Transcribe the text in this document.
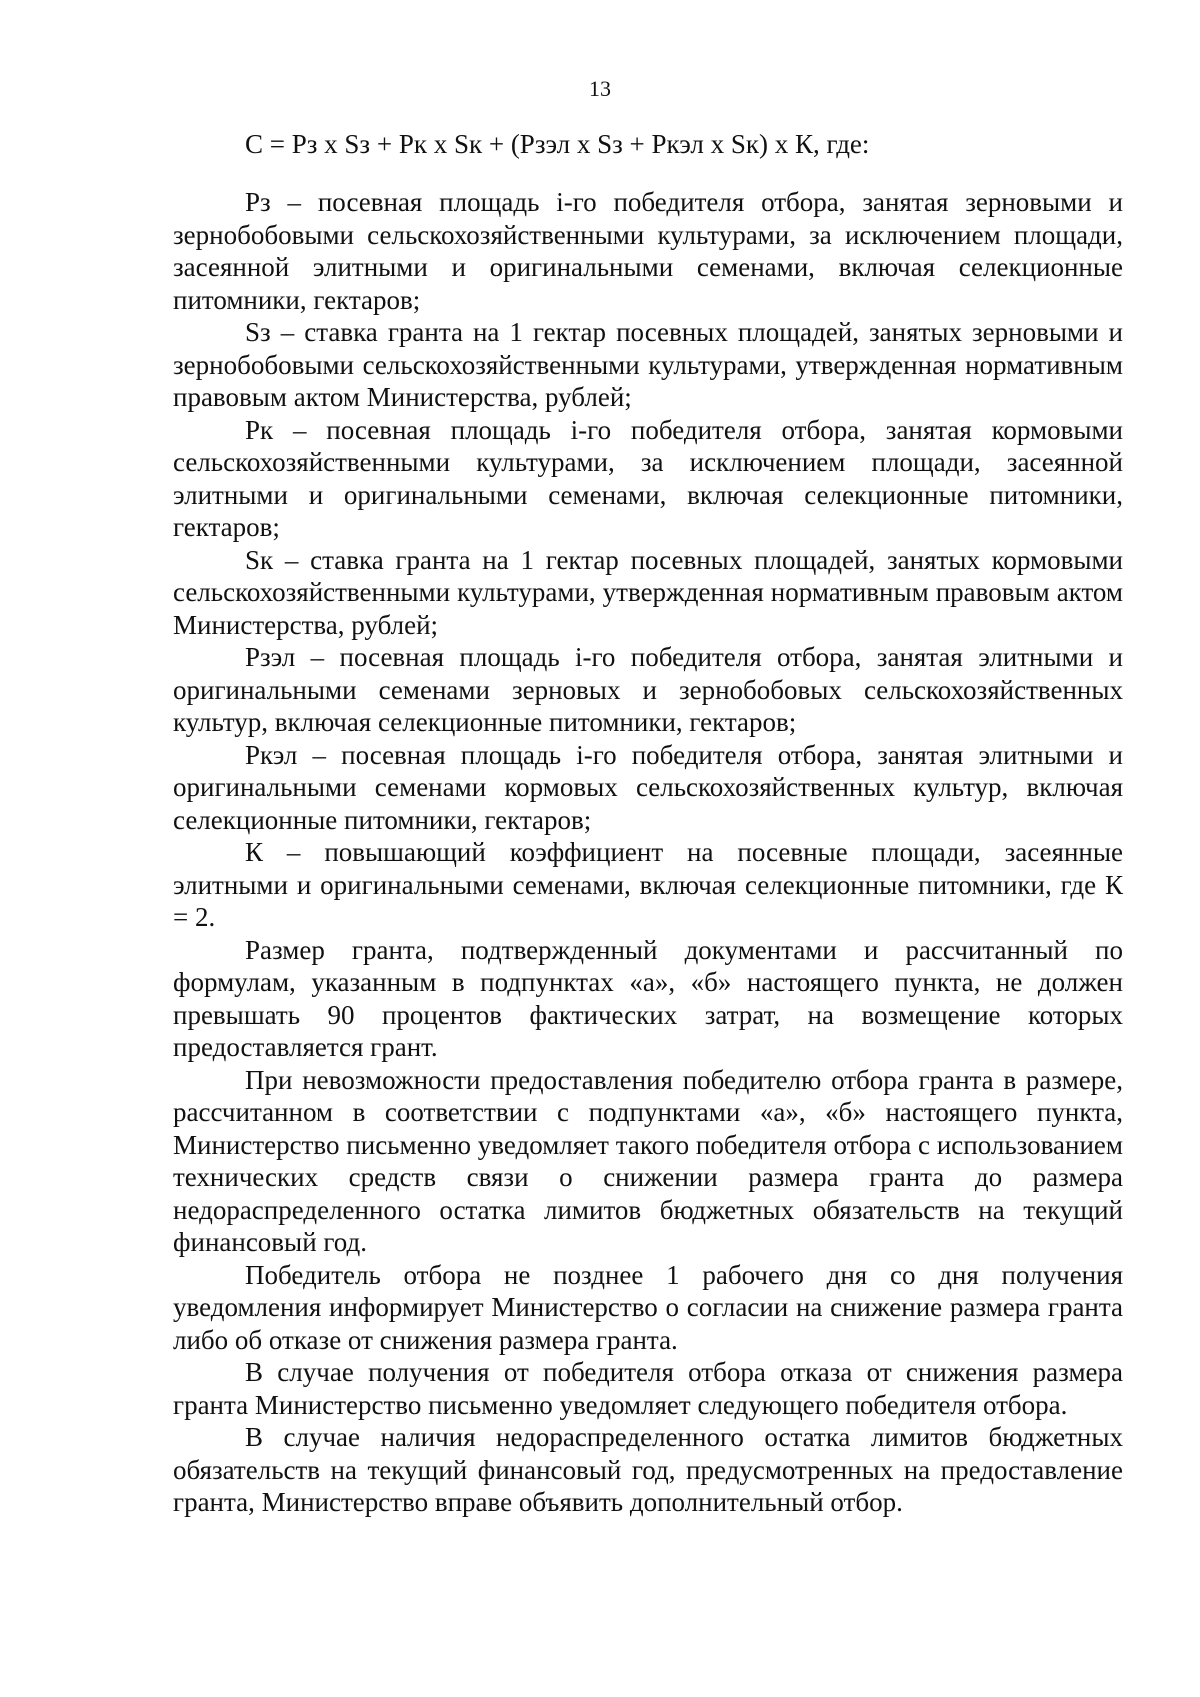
13
С = Рз х Sз + Рк х Sк + (Рзэл х Sз + Ркэл х Sк) х К, где:

Рз – посевная площадь i-го победителя отбора, занятая зерновыми и зернобобовыми сельскохозяйственными культурами, за исключением площади, засеянной элитными и оригинальными семенами, включая селекционные питомники, гектаров;

Sз – ставка гранта на 1 гектар посевных площадей, занятых зерновыми и зернобобовыми сельскохозяйственными культурами, утвержденная нормативным правовым актом Министерства, рублей;

Рк – посевная площадь i-го победителя отбора, занятая кормовыми сельскохозяйственными культурами, за исключением площади, засеянной элитными и оригинальными семенами, включая селекционные питомники, гектаров;

Sк – ставка гранта на 1 гектар посевных площадей, занятых кормовыми сельскохозяйственными культурами, утвержденная нормативным правовым актом Министерства, рублей;

Рзэл – посевная площадь i-го победителя отбора, занятая элитными и оригинальными семенами зерновых и зернобобовых сельскохозяйственных культур, включая селекционные питомники, гектаров;

Ркэл – посевная площадь i-го победителя отбора, занятая элитными и оригинальными семенами кормовых сельскохозяйственных культур, включая селекционные питомники, гектаров;

К – повышающий коэффициент на посевные площади, засеянные элитными и оригинальными семенами, включая селекционные питомники, где К = 2.

Размер гранта, подтвержденный документами и рассчитанный по формулам, указанным в подпунктах «а», «б» настоящего пункта, не должен превышать 90 процентов фактических затрат, на возмещение которых предоставляется грант.

При невозможности предоставления победителю отбора гранта в размере, рассчитанном в соответствии с подпунктами «а», «б» настоящего пункта, Министерство письменно уведомляет такого победителя отбора с использованием технических средств связи о снижении размера гранта до размера недораспределенного остатка лимитов бюджетных обязательств на текущий финансовый год.

Победитель отбора не позднее 1 рабочего дня со дня получения уведомления информирует Министерство о согласии на снижение размера гранта либо об отказе от снижения размера гранта.

В случае получения от победителя отбора отказа от снижения размера гранта Министерство письменно уведомляет следующего победителя отбора.

В случае наличия недораспределенного остатка лимитов бюджетных обязательств на текущий финансовый год, предусмотренных на предоставление гранта, Министерство вправе объявить дополнительный отбор.
